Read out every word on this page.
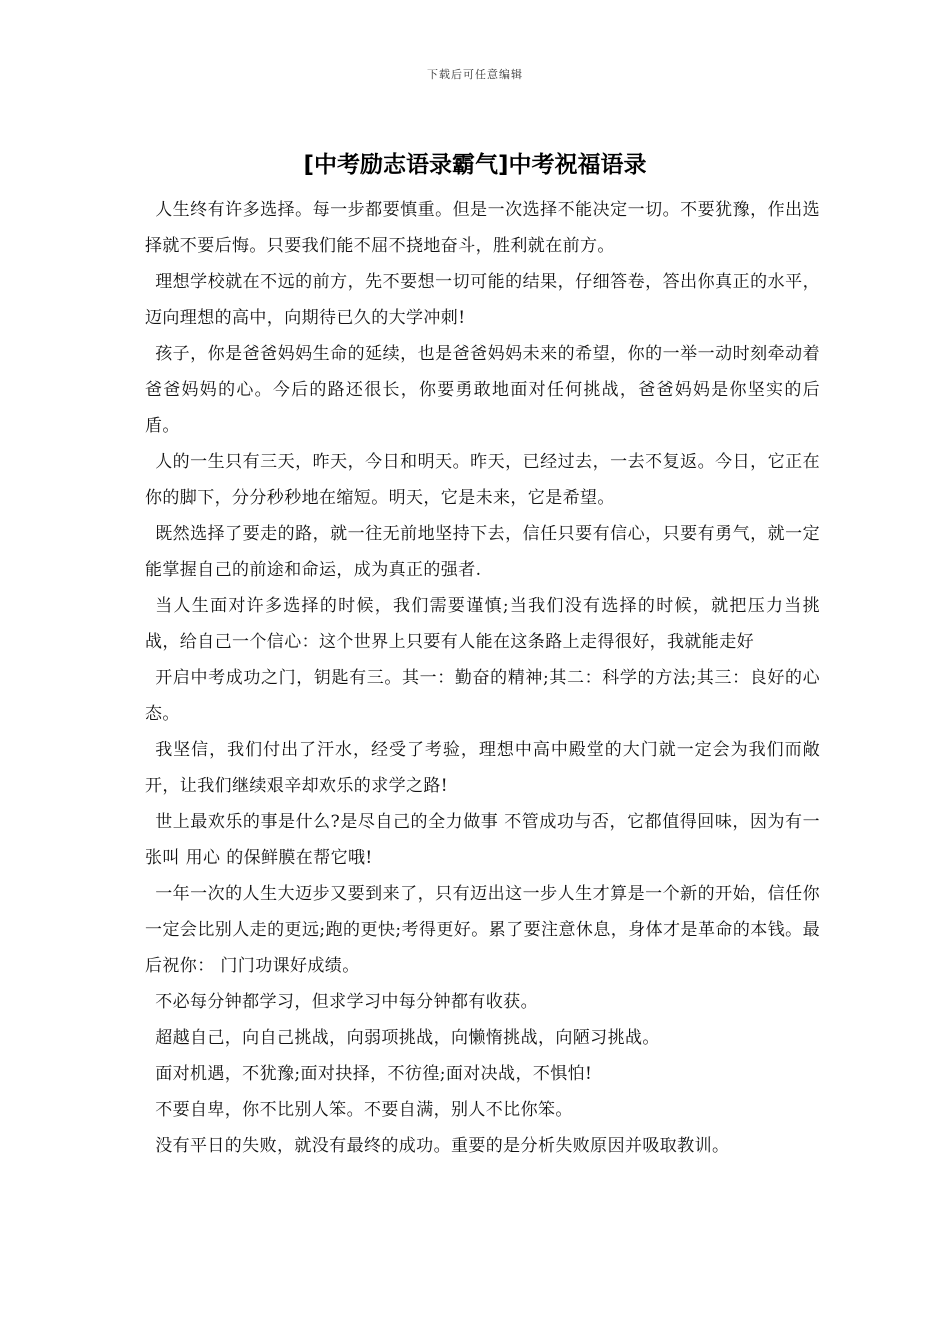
下载后可任意编辑
[中考励志语录霸气]中考祝福语录

人生终有许多选择。每一步都要慎重。但是一次选择不能决定一切。不要犹豫，作出选择就不要后悔。只要我们能不屈不挠地奋斗，胜利就在前方。

理想学校就在不远的前方，先不要想一切可能的结果，仔细答卷，答出你真正的水平，迈向理想的高中，向期待已久的大学冲刺!

孩子，你是爸爸妈妈生命的延续，也是爸爸妈妈未来的希望，你的一举一动时刻牵动着爸爸妈妈的心。今后的路还很长，你要勇敢地面对任何挑战，爸爸妈妈是你坚实的后盾。

人的一生只有三天，昨天，今日和明天。昨天，已经过去，一去不复返。今日，它正在你的脚下，分分秒秒地在缩短。明天，它是未来，它是希望。

既然选择了要走的路，就一往无前地坚持下去，信任只要有信心，只要有勇气，就一定能掌握自己的前途和命运，成为真正的强者.

当人生面对许多选择的时候，我们需要谨慎;当我们没有选择的时候，就把压力当挑战，给自己一个信心：这个世界上只要有人能在这条路上走得很好，我就能走好

开启中考成功之门，钥匙有三。其一：勤奋的精神;其二：科学的方法;其三：良好的心态。

我坚信，我们付出了汗水，经受了考验，理想中高中殿堂的大门就一定会为我们而敞开，让我们继续艰辛却欢乐的求学之路!

世上最欢乐的事是什么?是尽自己的全力做事 不管成功与否，它都值得回味，因为有一张叫 用心 的保鲜膜在帮它哦!

一年一次的人生大迈步又要到来了，只有迈出这一步人生才算是一个新的开始，信任你一定会比别人走的更远;跑的更快;考得更好。累了要注意休息，身体才是革命的本钱。最后祝你： 门门功课好成绩。

不必每分钟都学习，但求学习中每分钟都有收获。

超越自己，向自己挑战，向弱项挑战，向懒惰挑战，向陋习挑战。

面对机遇，不犹豫;面对抉择，不彷徨;面对决战，不惧怕!

不要自卑，你不比别人笨。不要自满，别人不比你笨。

没有平日的失败，就没有最终的成功。重要的是分析失败原因并吸取教训。
